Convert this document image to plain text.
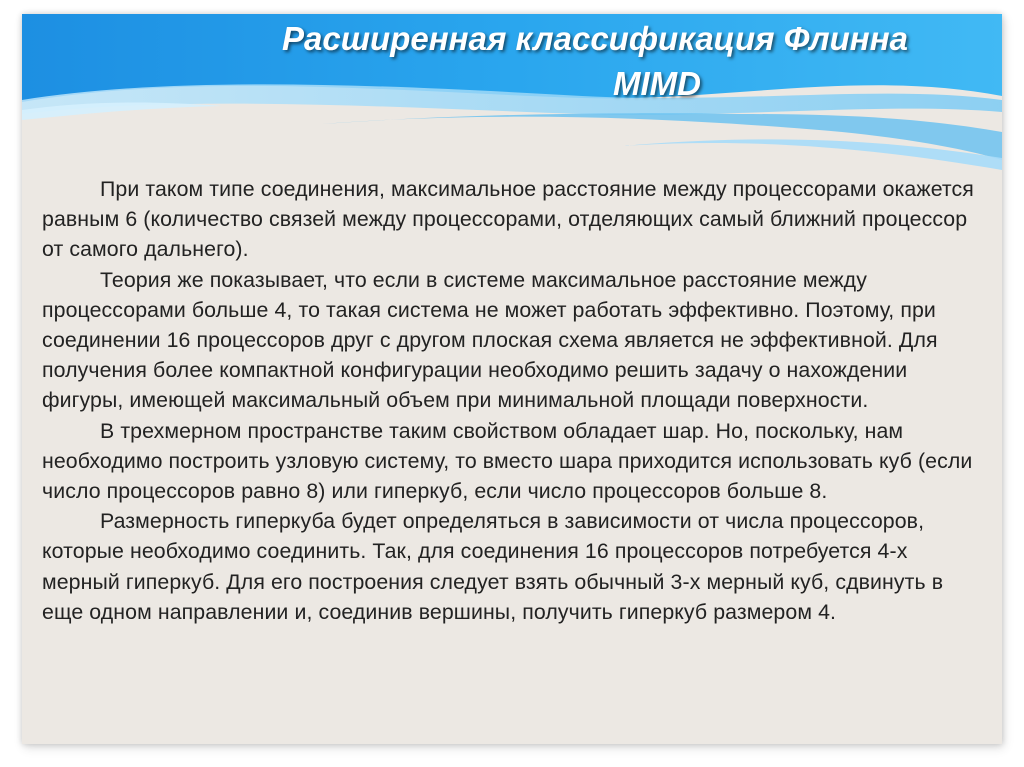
Расширенная классификация Флинна
MIMD

При таком типе соединения, максимальное расстояние между процессорами окажется равным 6 (количество связей между процессорами, отделяющих самый ближний процессор от самого дальнего).

Теория же показывает, что если в системе максимальное расстояние между процессорами больше 4, то такая система не может работать эффективно. Поэтому, при соединении 16 процессоров друг с другом плоская схема является не эффективной. Для получения более компактной конфигурации необходимо решить задачу о нахождении фигуры, имеющей максимальный объем при минимальной площади поверхности.

В трехмерном пространстве таким свойством обладает шар. Но, поскольку, нам необходимо построить узловую систему, то вместо шара приходится использовать куб (если число процессоров равно 8) или гиперкуб, если число процессоров больше 8.

Размерность гиперкуба будет определяться в зависимости от числа процессоров, которые необходимо соединить. Так, для соединения 16 процессоров потребуется 4-х мерный гиперкуб. Для его построения следует взять обычный 3-х мерный куб, сдвинуть в еще одном направлении и, соединив вершины, получить гиперкуб размером 4.
